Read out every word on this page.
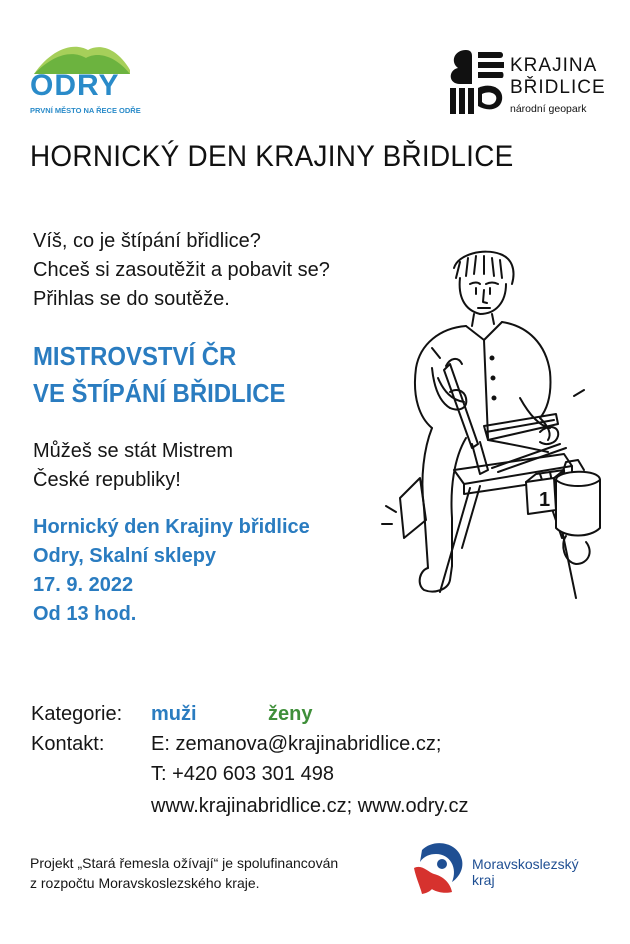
ODRY
PRVNÍ MĚSTO NA ŘECE ODŘE
KRAJINA
BŘIDLICE
národní geopark
HORNICKÝ DEN KRAJINY BŘIDLICE
Víš, co je štípání břidlice?
Chceš si zasoutěžit a pobavit se?
Přihlas se do soutěže.
MISTROVSTVÍ ČR
VE ŠTÍPÁNÍ BŘIDLICE
Můžeš se stát Mistrem
České republiky!
Hornický den Krajiny břidlice
Odry, Skalní sklepy
17. 9. 2022
Od 13 hod.
1
Kategorie: muži	ženy
Kontakt: E: zemanova@krajinabridlice.cz;
T: +420 603 301 498
www.krajinabridlice.cz; www.odry.cz
Projekt „Stará řemesla ožívají“ je spolufinancován
z rozpočtu Moravskoslezského kraje.
Moravskoslezský
kraj
